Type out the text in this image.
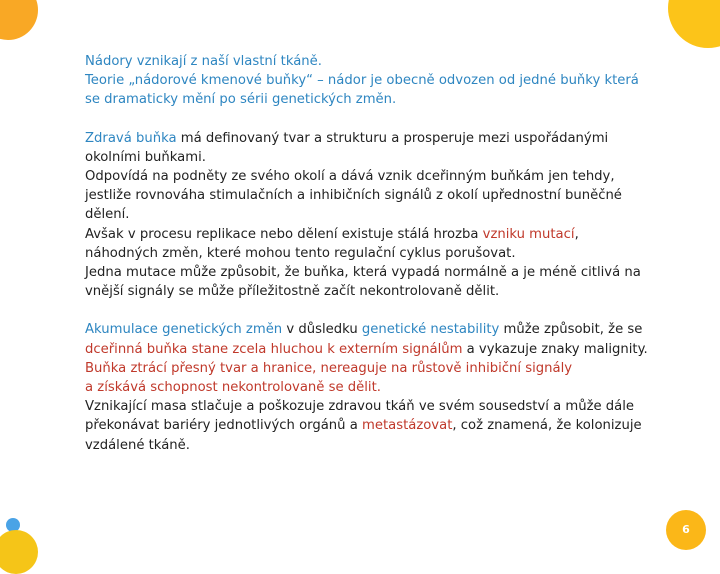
6

Nádory vznikají z naší vlastní tkáně.

Teorie „nádorové kmenové buňky“ – nádor je obecně odvozen od jedné buňky která se dramaticky mění po sérii genetických změn.

Zdravá buňka má definovaný tvar a strukturu a prosperuje mezi uspořádanými okolními buňkami.

Odpovídá na podněty ze svého okolí a dává vznik dceřinným buňkám jen tehdy, jestliže rovnováha stimulačních a inhibičních signálů z okolí upřednostní buněčné dělení.

Avšak v procesu replikace nebo dělení existuje stálá hrozba vzniku mutací, náhodných změn, které mohou tento regulační cyklus porušovat.

Jedna mutace může způsobit, že buňka, která vypadá normálně a je méně citlivá na vnější signály se může příležitostně začít nekontrolovaně dělit.

Akumulace genetických změn v důsledku genetické nestability může způsobit, že se dceřinná buňka stane zcela hluchou k externím signálům a vykazuje znaky malignity.

Buňka ztrácí přesný tvar a hranice, nereaguje na růstově inhibiční signály

a získává schopnost nekontrolovaně se dělit.

Vznikající masa stlačuje a poškozuje zdravou tkáň ve svém sousedství a může dále překonávat bariéry jednotlivých orgánů a metastázovat, což znamená, že kolonizuje vzdálené tkáně.
